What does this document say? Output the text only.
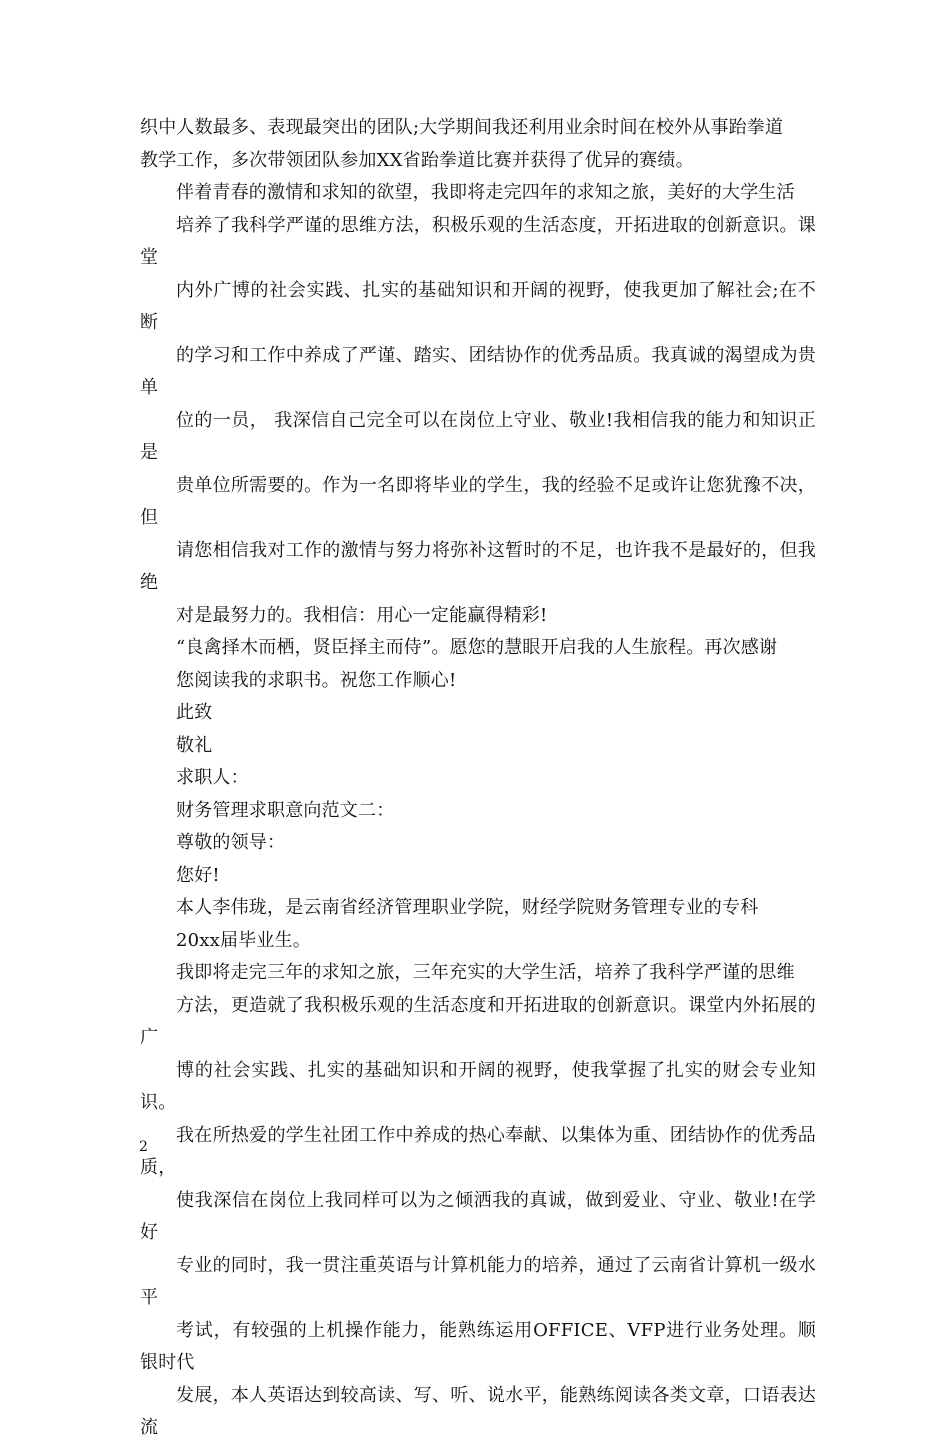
织中人数最多、表现最突出的团队;大学期间我还利用业余时间在校外从事跆拳道
教学工作，多次带领团队参加XX省跆拳道比赛并获得了优异的赛绩。

伴着青春的激情和求知的欲望，我即将走完四年的求知之旅，美好的大学生活
培养了我科学严谨的思维方法，积极乐观的生活态度，开拓进取的创新意识。课堂
内外广博的社会实践、扎实的基础知识和开阔的视野，使我更加了解社会;在不断
的学习和工作中养成了严谨、踏实、团结协作的优秀品质。我真诚的渴望成为贵单
位的一员， 我深信自己完全可以在岗位上守业、敬业!我相信我的能力和知识正是
贵单位所需要的。作为一名即将毕业的学生，我的经验不足或许让您犹豫不决，但
请您相信我对工作的激情与努力将弥补这暂时的不足，也许我不是最好的，但我绝
对是最努力的。我相信：用心一定能赢得精彩!

“良禽择木而栖，贤臣择主而侍”。愿您的慧眼开启我的人生旅程。再次感谢
您阅读我的求职书。祝您工作顺心!

此致

敬礼

求职人：

财务管理求职意向范文二：

尊敬的领导：

您好!

本人李伟珑，是云南省经济管理职业学院，财经学院财务管理专业的专科
20xx届毕业生。

我即将走完三年的求知之旅，三年充实的大学生活，培养了我科学严谨的思维
方法，更造就了我积极乐观的生活态度和开拓进取的创新意识。课堂内外拓展的广
博的社会实践、扎实的基础知识和开阔的视野，使我掌握了扎实的财会专业知识。
我在所热爱的学生社团工作中养成的热心奉献、以集体为重、团结协作的优秀品质，
使我深信在岗位上我同样可以为之倾洒我的真诚，做到爱业、守业、敬业!在学好
专业的同时，我一贯注重英语与计算机能力的培养，通过了云南省计算机一级水平
考试，有较强的上机操作能力，能熟练运用OFFICE、VFP进行业务处理。顺银时代
发展，本人英语达到较高读、写、听、说水平，能熟练阅读各类文章，口语表达流

2
